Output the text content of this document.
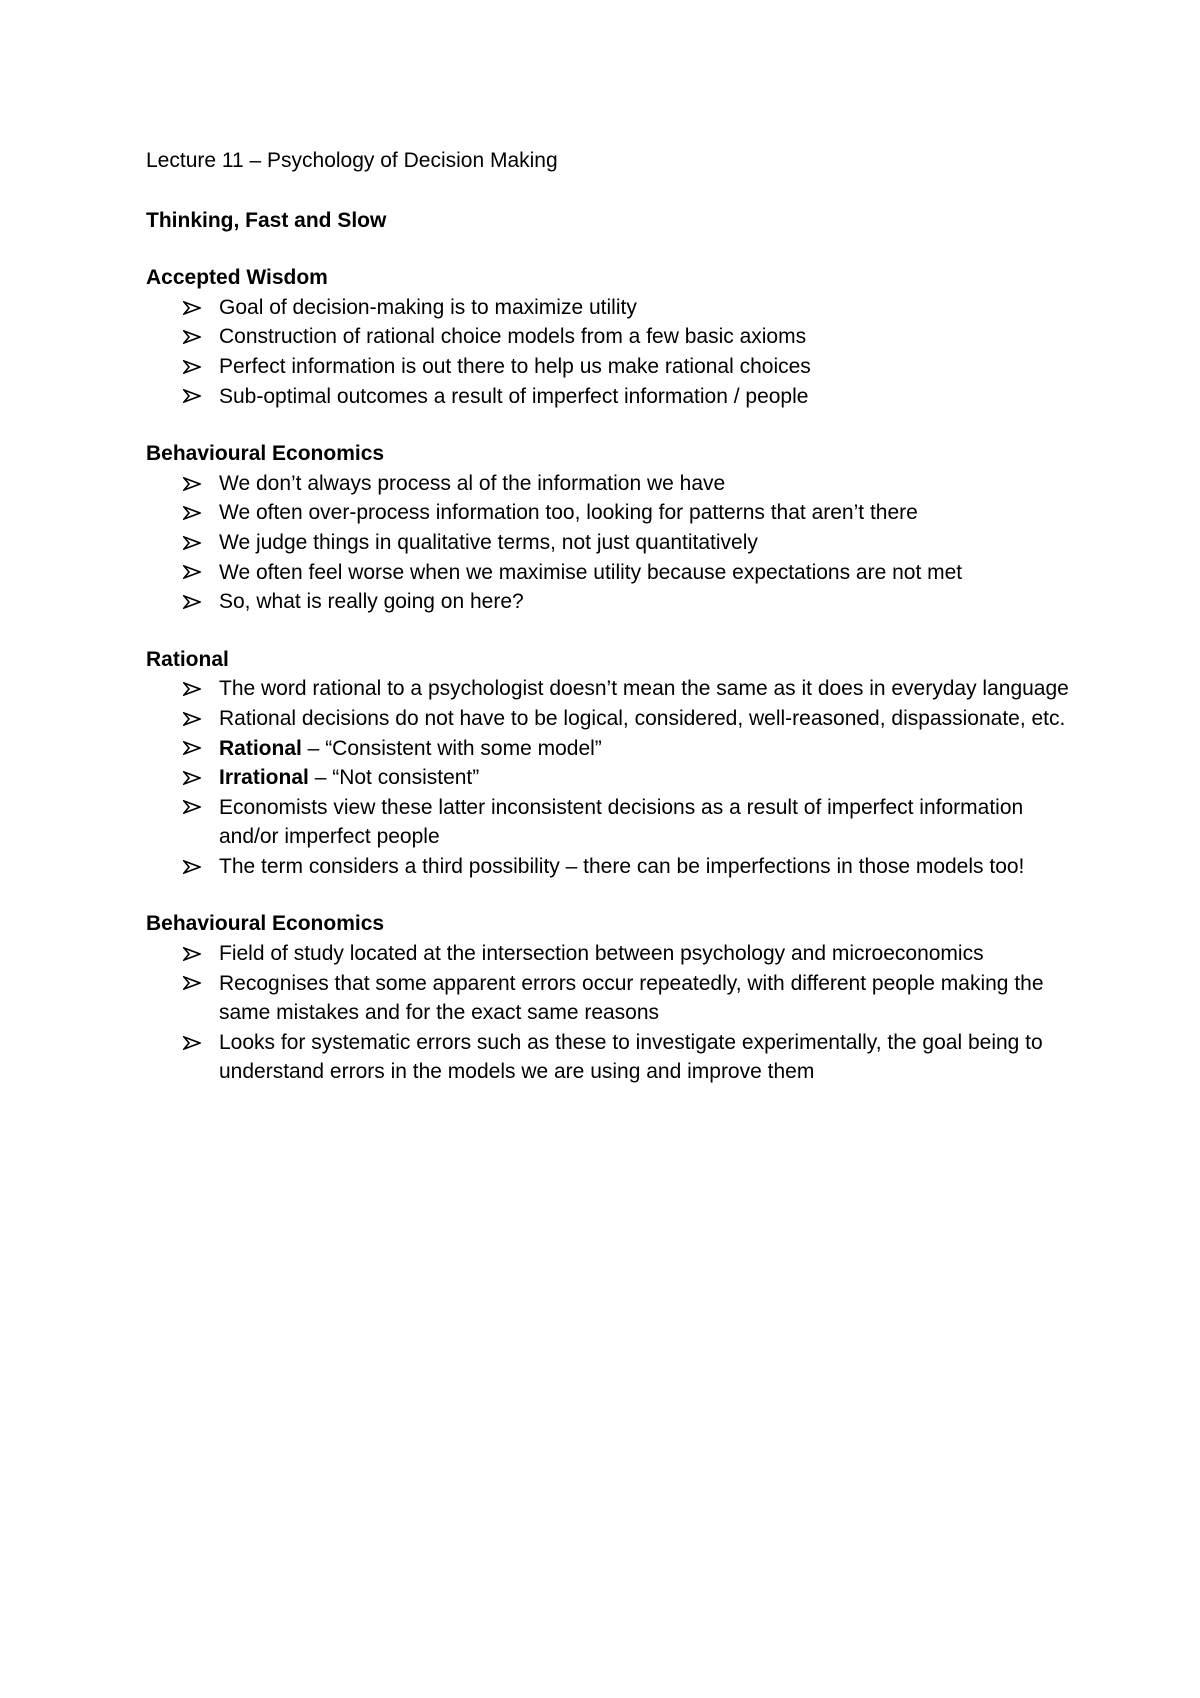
Lecture 11 – Psychology of Decision Making
Thinking, Fast and Slow
Accepted Wisdom
Goal of decision-making is to maximize utility
Construction of rational choice models from a few basic axioms
Perfect information is out there to help us make rational choices
Sub-optimal outcomes a result of imperfect information / people
Behavioural Economics
We don’t always process al of the information we have
We often over-process information too, looking for patterns that aren’t there
We judge things in qualitative terms, not just quantitatively
We often feel worse when we maximise utility because expectations are not met
So, what is really going on here?
Rational
The word rational to a psychologist doesn’t mean the same as it does in everyday language
Rational decisions do not have to be logical, considered, well-reasoned, dispassionate, etc.
Rational – “Consistent with some model”
Irrational – “Not consistent”
Economists view these latter inconsistent decisions as a result of imperfect information and/or imperfect people
The term considers a third possibility – there can be imperfections in those models too!
Behavioural Economics
Field of study located at the intersection between psychology and microeconomics
Recognises that some apparent errors occur repeatedly, with different people making the same mistakes and for the exact same reasons
Looks for systematic errors such as these to investigate experimentally, the goal being to understand errors in the models we are using and improve them
